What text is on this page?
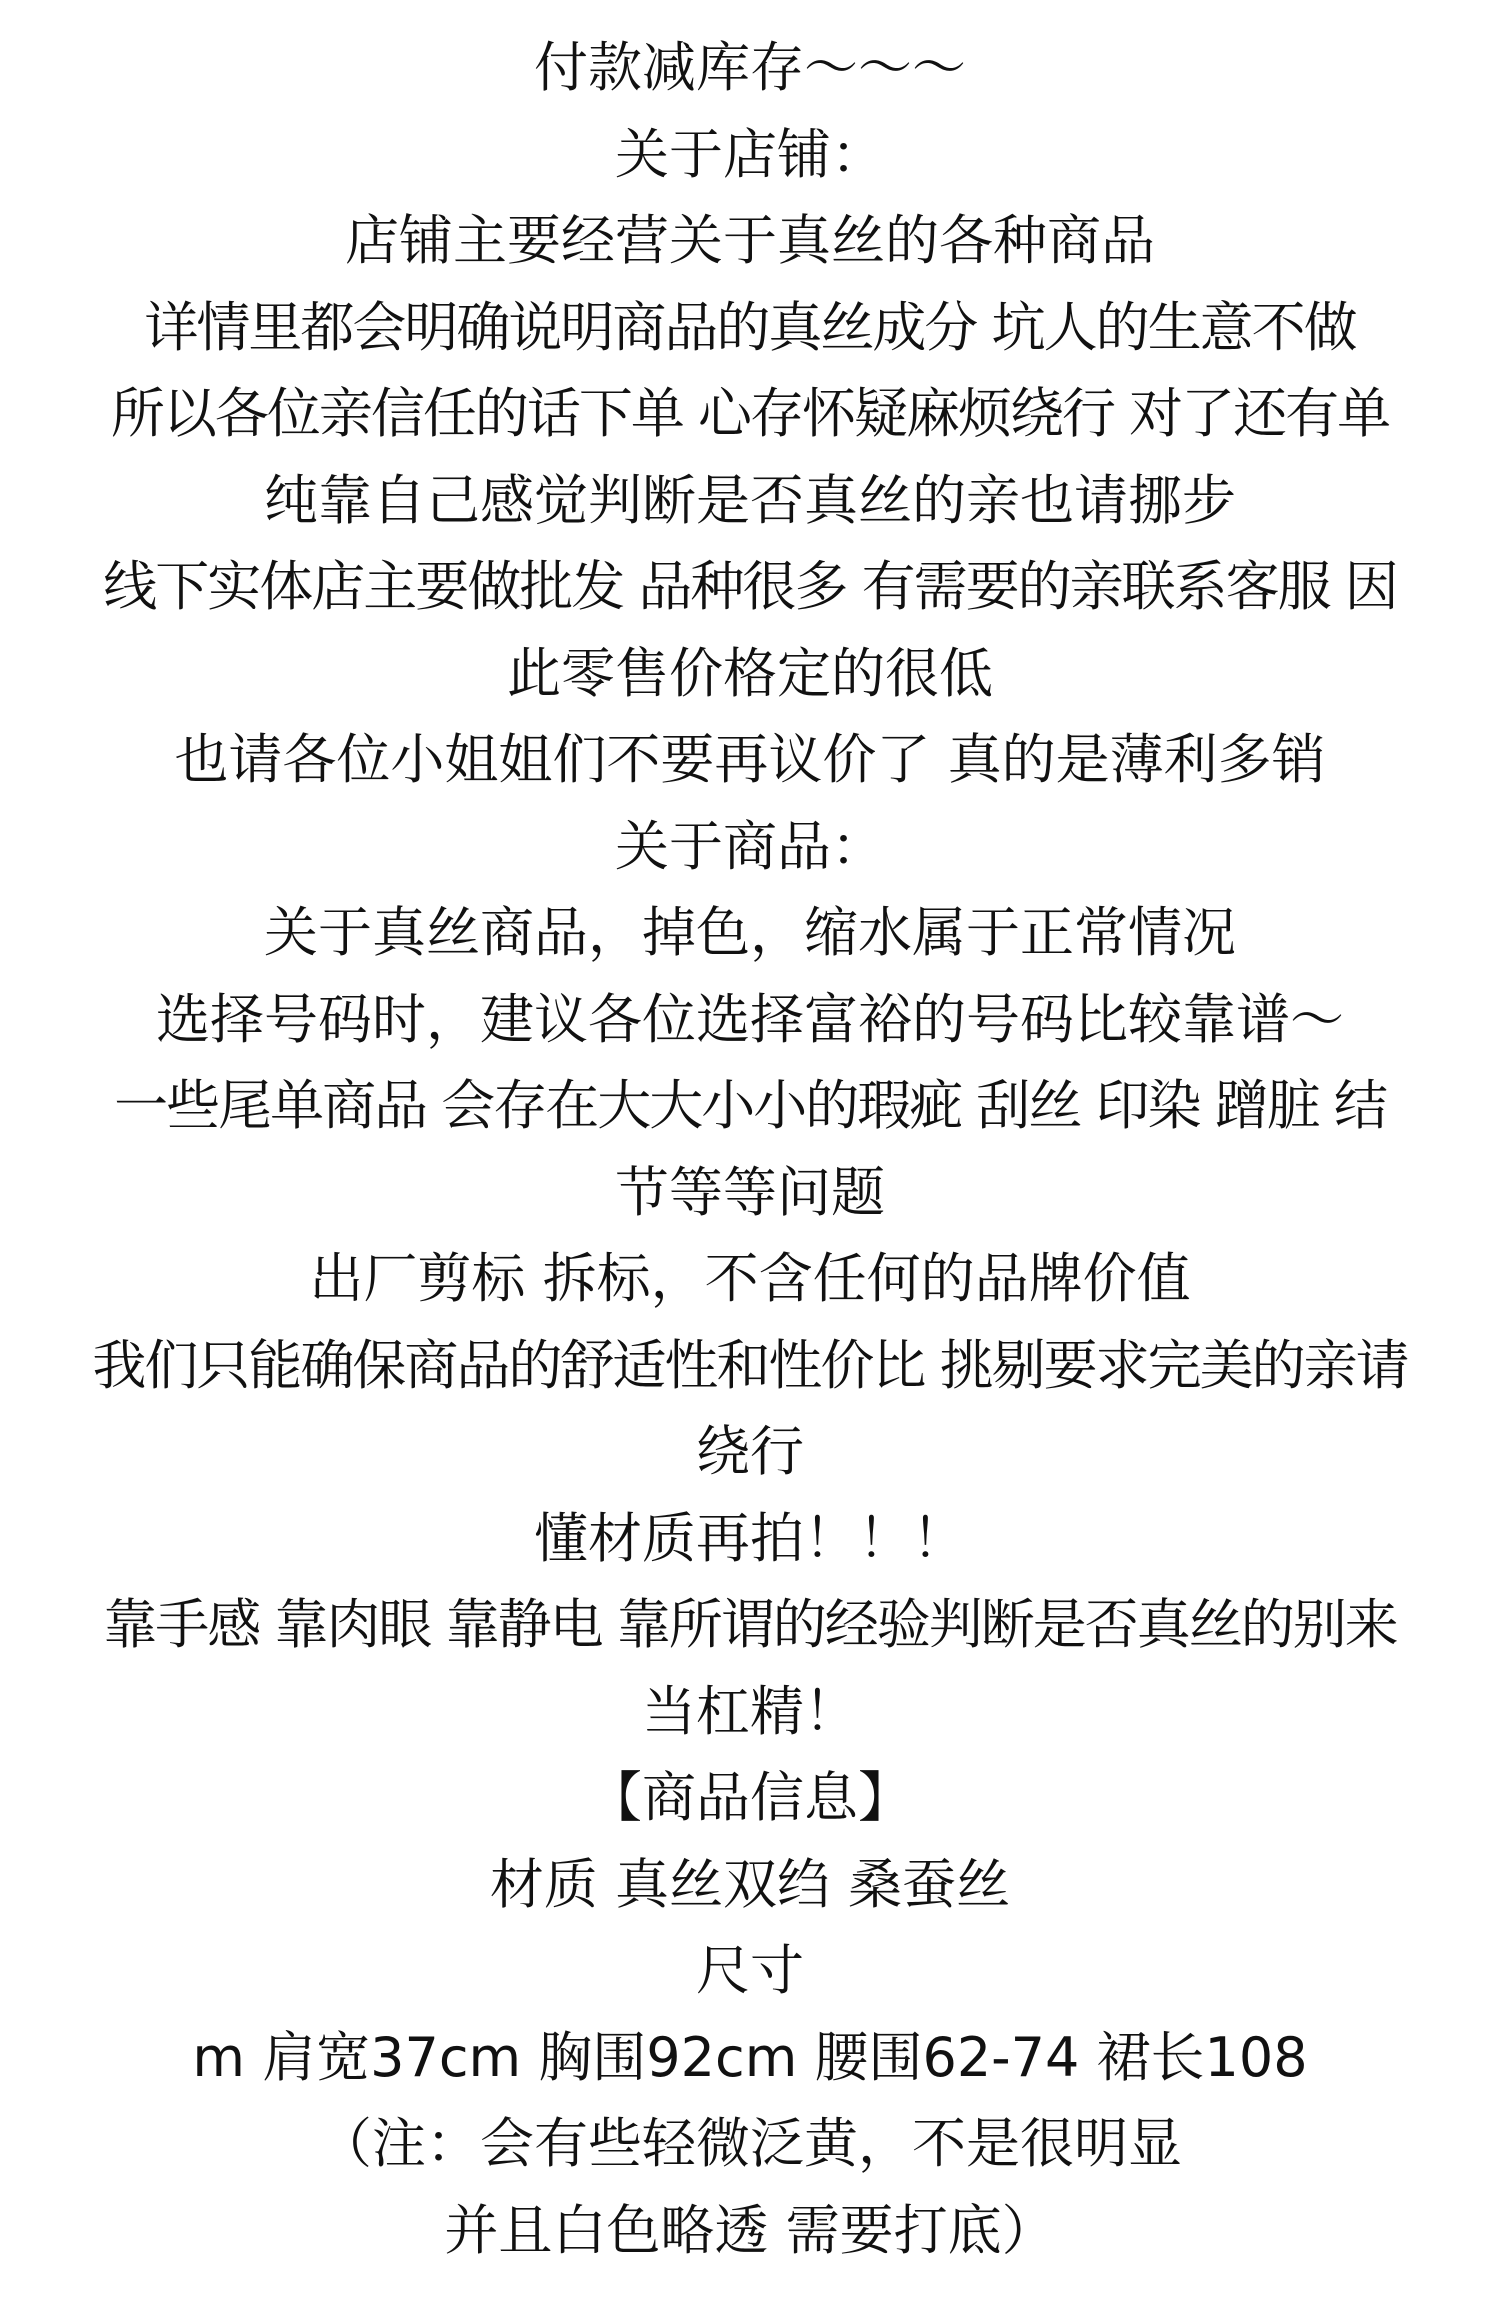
付款减库存～～～
关于店铺：
店铺主要经营关于真丝的各种商品
详情里都会明确说明商品的真丝成分 坑人的生意不做
所以各位亲信任的话下单 心存怀疑麻烦绕行 对了还有单
纯靠自己感觉判断是否真丝的亲也请挪步
线下实体店主要做批发 品种很多 有需要的亲联系客服 因
此零售价格定的很低
也请各位小姐姐们不要再议价了 真的是薄利多销
关于商品：
关于真丝商品，掉色，缩水属于正常情况
选择号码时，建议各位选择富裕的号码比较靠谱～
一些尾单商品 会存在大大小小的瑕疵 刮丝 印染 蹭脏 结
节等等问题
出厂剪标 拆标，不含任何的品牌价值
我们只能确保商品的舒适性和性价比 挑剔要求完美的亲请
绕行
懂材质再拍！！！
靠手感 靠肉眼 靠静电 靠所谓的经验判断是否真丝的别来
当杠精！
【商品信息】
材质 真丝双绉 桑蚕丝
尺寸
m 肩宽37cm 胸围92cm 腰围62-74 裙长108
（注：会有些轻微泛黄，不是很明显
并且白色略透 需要打底）
